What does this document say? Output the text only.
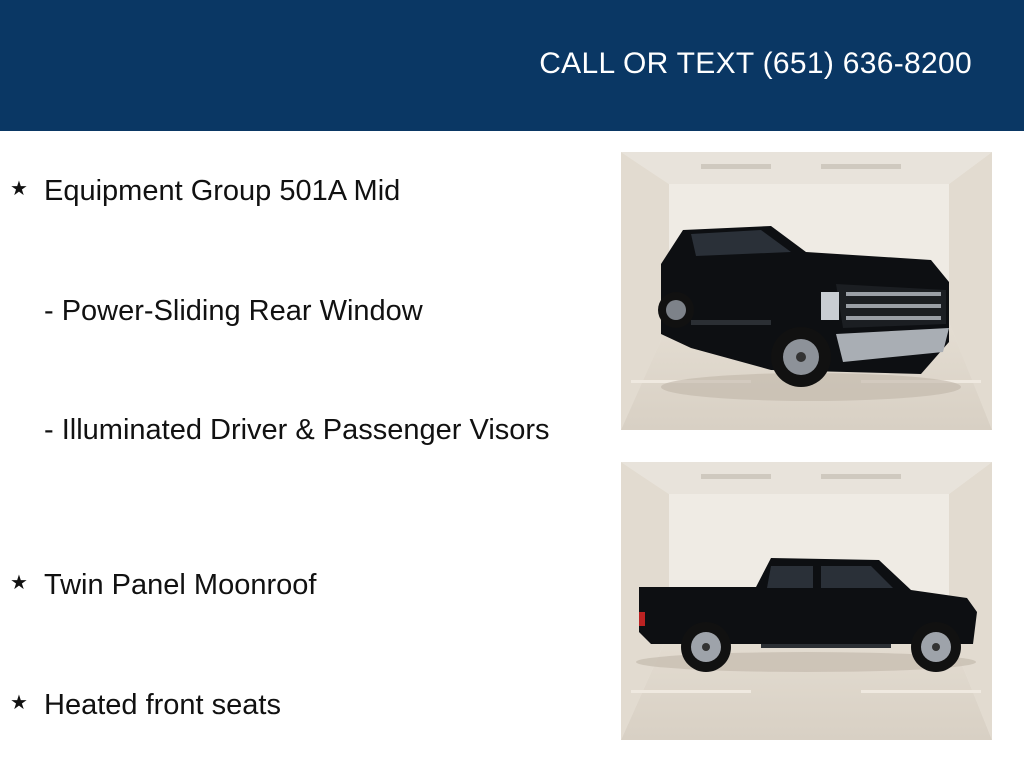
CALL OR TEXT (651) 636-8200
★ Equipment Group 501A Mid
- Power-Sliding Rear Window
- Illuminated Driver & Passenger Visors
★ Twin Panel Moonroof
★ Heated front seats
